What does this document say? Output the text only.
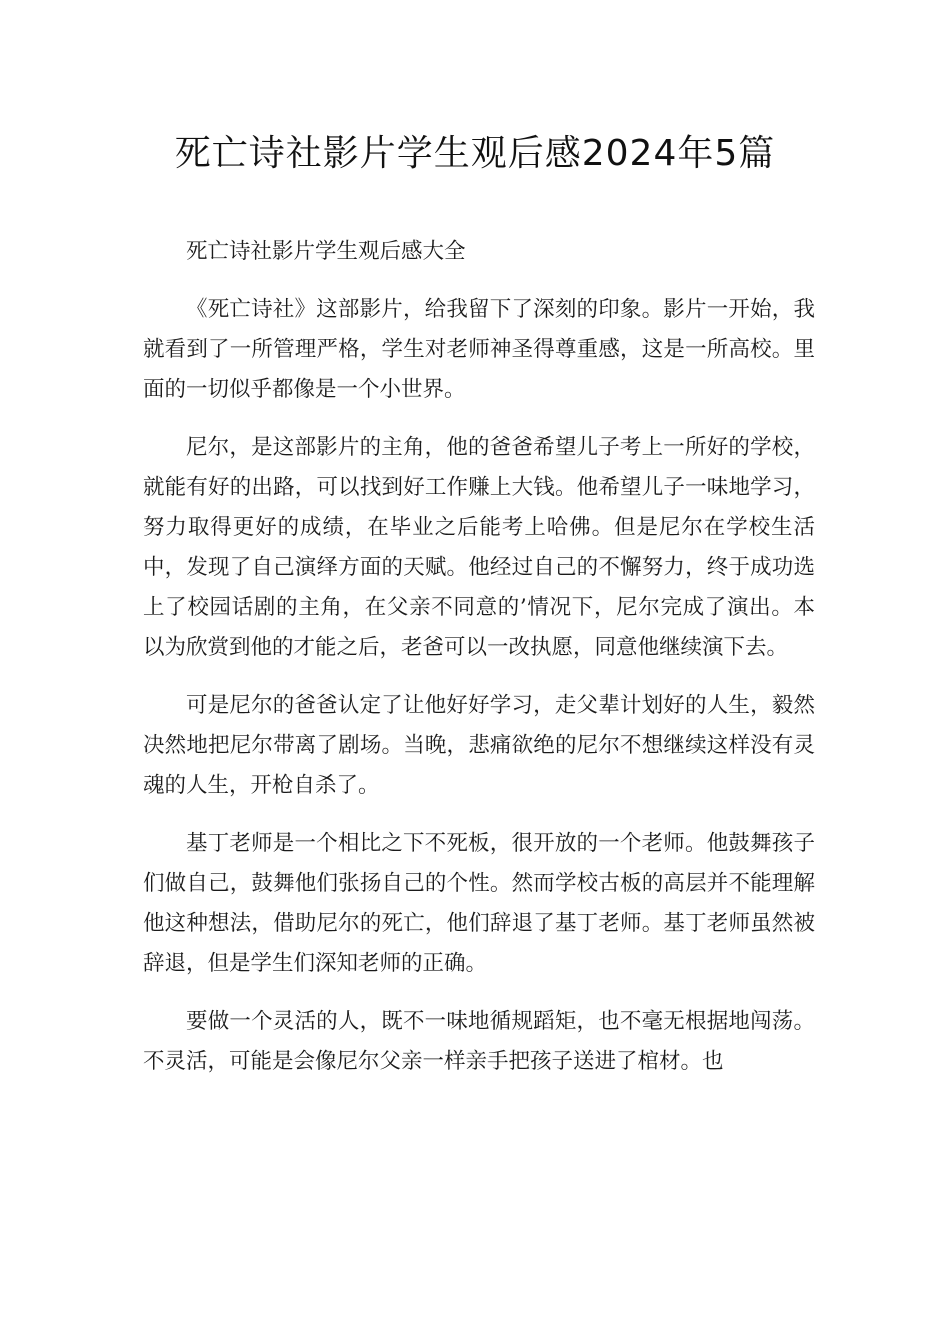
死亡诗社影片学生观后感2024年5篇

死亡诗社影片学生观后感大全

《死亡诗社》这部影片，给我留下了深刻的印象。影片一开始，我就看到了一所管理严格，学生对老师神圣得尊重感，这是一所高校。里面的一切似乎都像是一个小世界。

尼尔，是这部影片的主角，他的爸爸希望儿子考上一所好的学校，就能有好的出路，可以找到好工作赚上大钱。他希望儿子一味地学习，努力取得更好的成绩，在毕业之后能考上哈佛。但是尼尔在学校生活中，发现了自己演绎方面的天赋。他经过自己的不懈努力，终于成功选上了校园话剧的主角，在父亲不同意的’情况下，尼尔完成了演出。本以为欣赏到他的才能之后，老爸可以一改执愿，同意他继续演下去。

可是尼尔的爸爸认定了让他好好学习，走父辈计划好的人生，毅然决然地把尼尔带离了剧场。当晚，悲痛欲绝的尼尔不想继续这样没有灵魂的人生，开枪自杀了。

基丁老师是一个相比之下不死板，很开放的一个老师。他鼓舞孩子们做自己，鼓舞他们张扬自己的个性。然而学校古板的高层并不能理解他这种想法，借助尼尔的死亡，他们辞退了基丁老师。基丁老师虽然被辞退，但是学生们深知老师的正确。

要做一个灵活的人，既不一味地循规蹈矩，也不毫无根据地闯荡。不灵活，可能是会像尼尔父亲一样亲手把孩子送进了棺材。也
